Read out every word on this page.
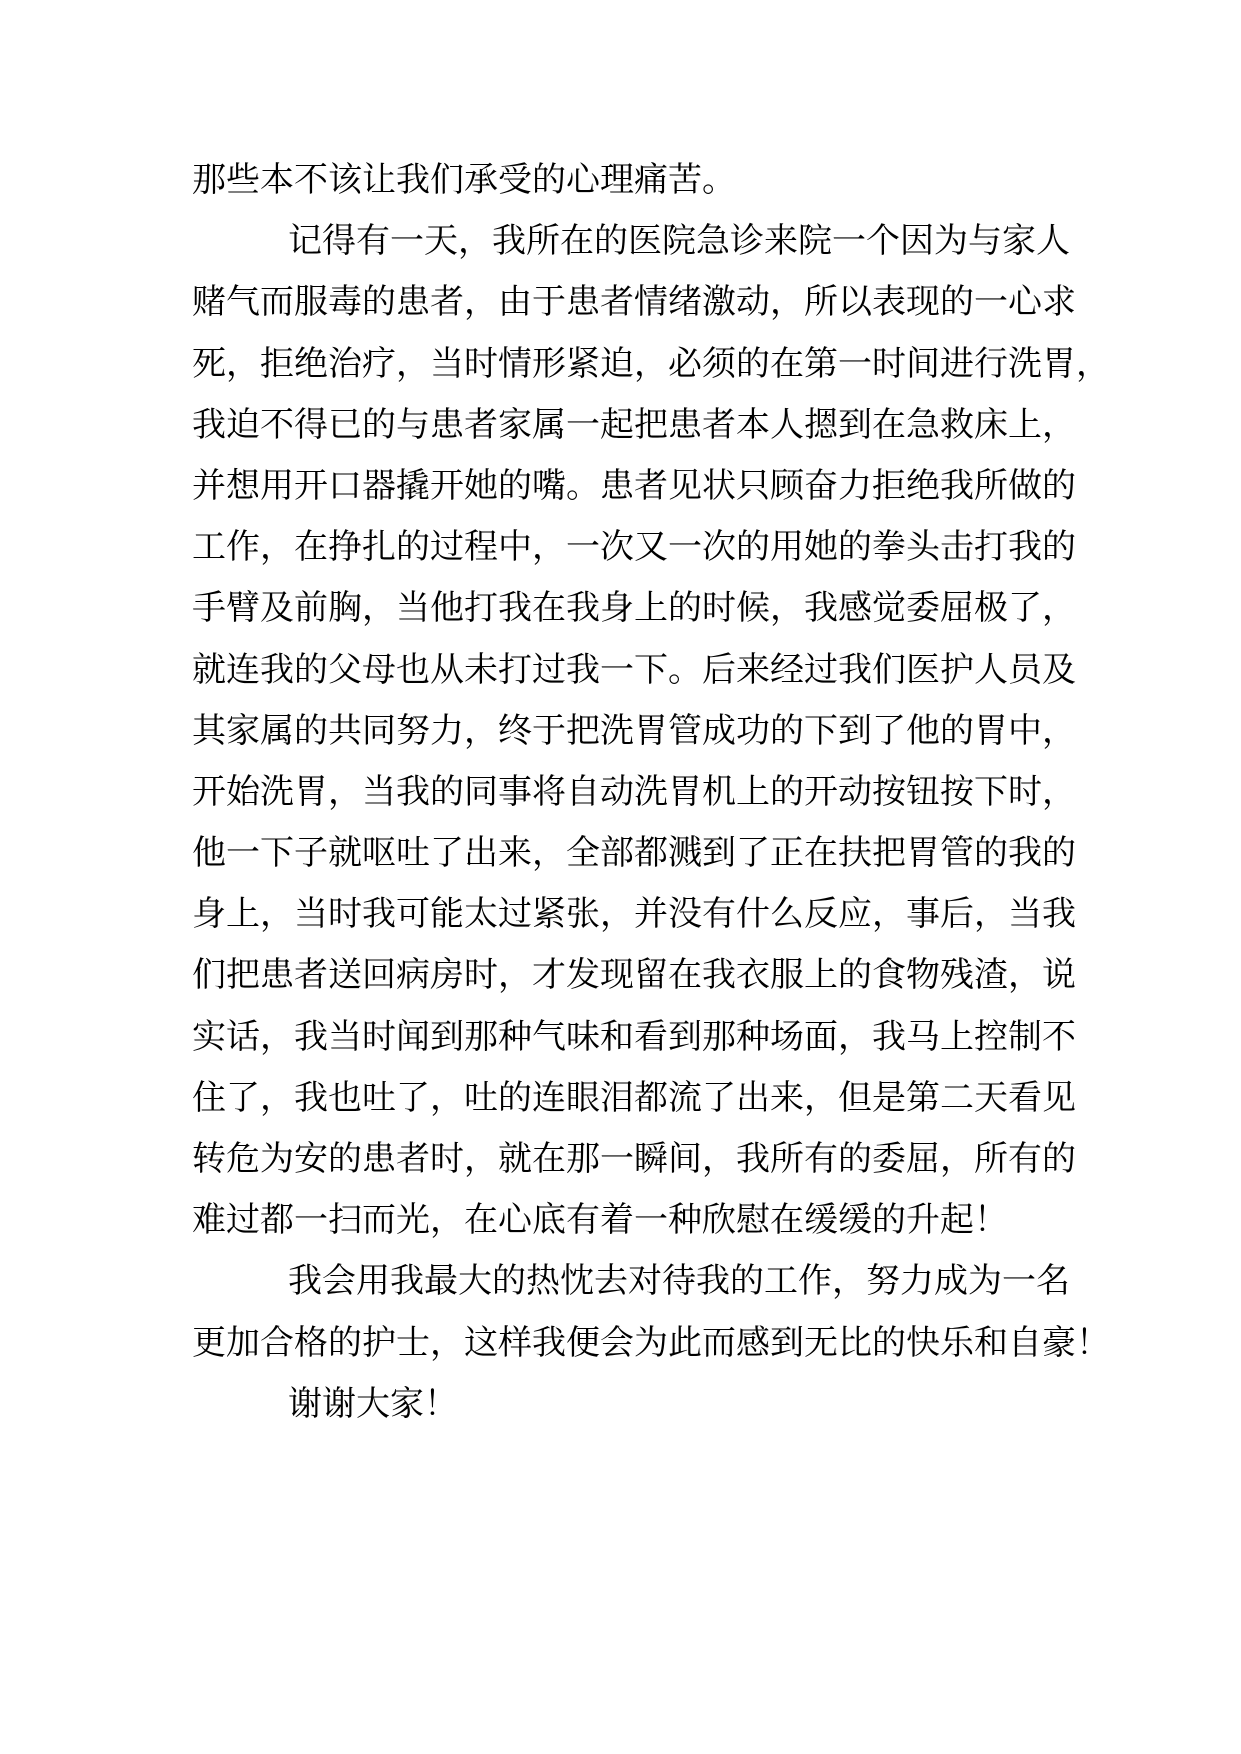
那些本不该让我们承受的心理痛苦。
记得有一天，我所在的医院急诊来院一个因为与家人
赌气而服毒的患者，由于患者情绪激动，所以表现的一心求
死，拒绝治疗，当时情形紧迫，必须的在第一时间进行洗胃，
我迫不得已的与患者家属一起把患者本人摁到在急救床上，
并想用开口器撬开她的嘴。患者见状只顾奋力拒绝我所做的
工作，在挣扎的过程中，一次又一次的用她的拳头击打我的
手臂及前胸，当他打我在我身上的时候，我感觉委屈极了，
就连我的父母也从未打过我一下。后来经过我们医护人员及
其家属的共同努力，终于把洗胃管成功的下到了他的胃中，
开始洗胃，当我的同事将自动洗胃机上的开动按钮按下时，
他一下子就呕吐了出来，全部都溅到了正在扶把胃管的我的
身上，当时我可能太过紧张，并没有什么反应，事后，当我
们把患者送回病房时，才发现留在我衣服上的食物残渣，说
实话，我当时闻到那种气味和看到那种场面，我马上控制不
住了，我也吐了，吐的连眼泪都流了出来，但是第二天看见
转危为安的患者时，就在那一瞬间，我所有的委屈，所有的
难过都一扫而光，在心底有着一种欣慰在缓缓的升起！
我会用我最大的热忱去对待我的工作，努力成为一名
更加合格的护士，这样我便会为此而感到无比的快乐和自豪！
谢谢大家！
